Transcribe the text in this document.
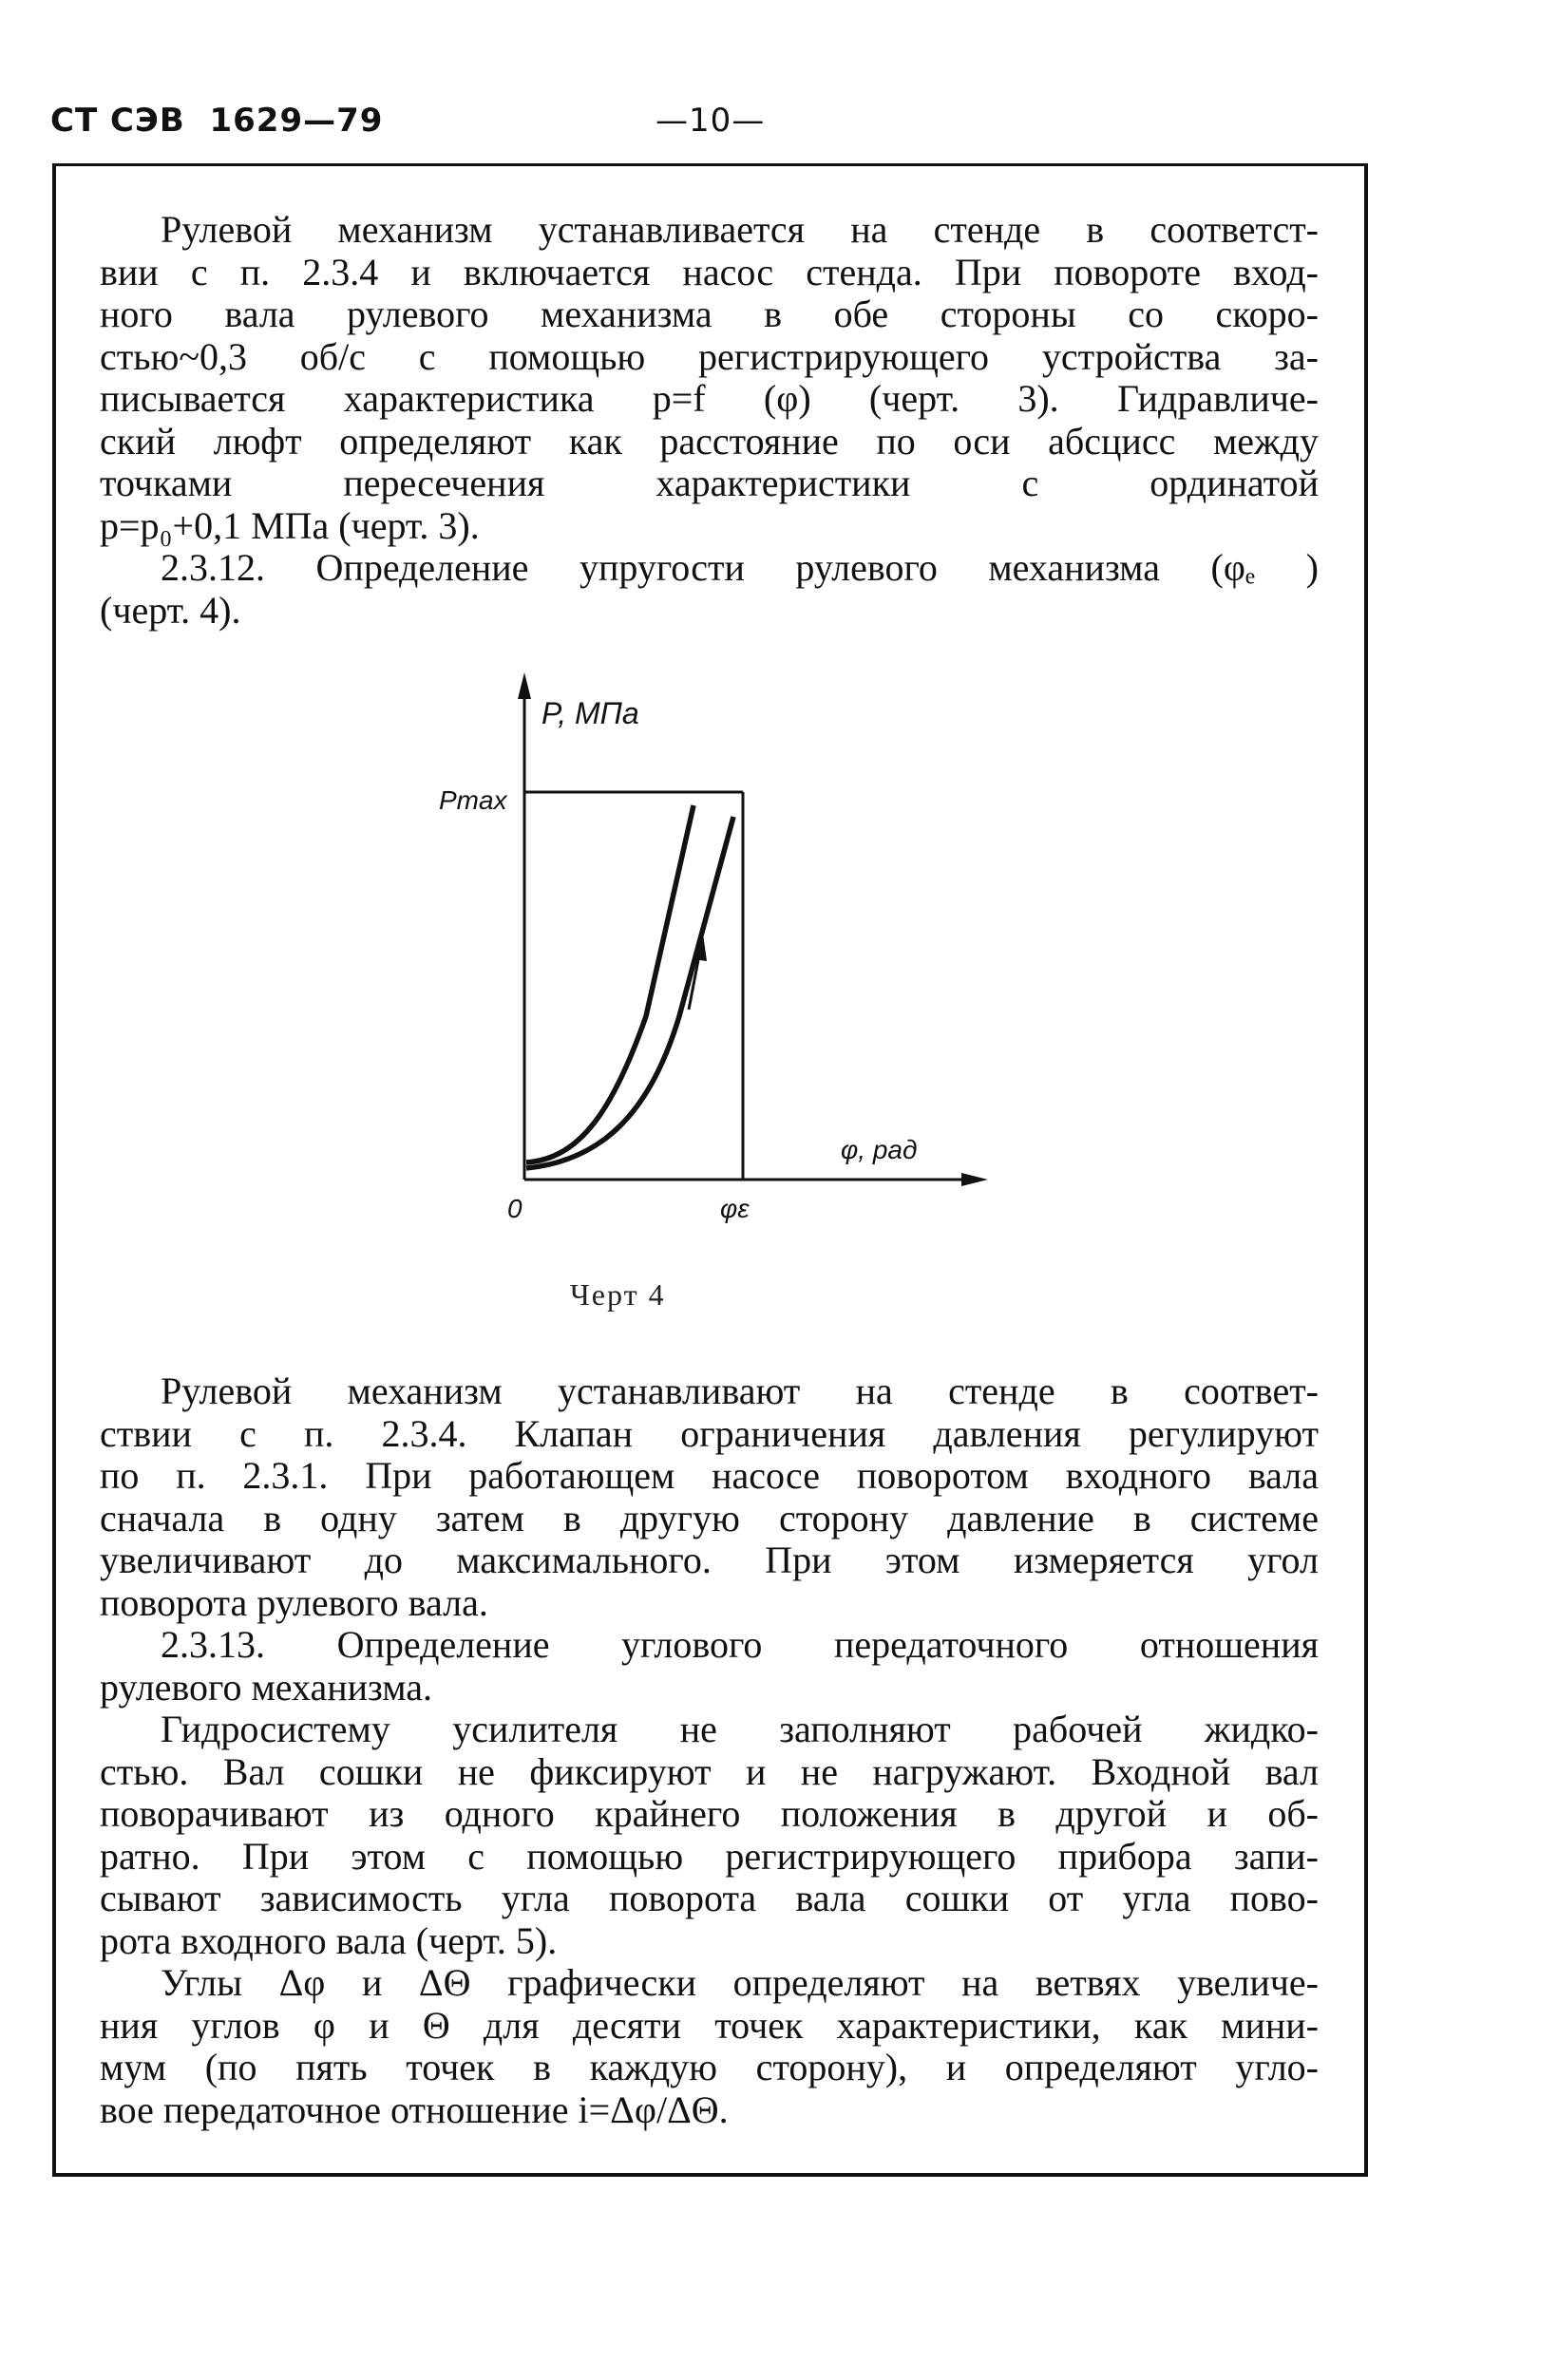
СТ СЭВ  1629—79	—10—

Рулевой механизм устанавливается на стенде в соответст-

вии с п. 2.3.4 и включается насос стенда. При повороте вход-

ного вала рулевого механизма в обе стороны со скоро-

стью~0,3 об/с с помощью регистрирующего устройства за-

писывается характеристика p=f (φ) (черт. 3). Гидравличе-

ский люфт определяют как расстояние по оси абсцисс между

точками пересечения характеристики с ординатой

p=p₀+0,1 МПа (черт. 3).

2.3.12. Определение упругости рулевого механизма (φₑ )

(черт. 4).

P, МПа
Pmax
φ, рад
0	φε
Черт 4

Рулевой механизм устанавливают на стенде в соответ-

ствии с п. 2.3.4. Клапан ограничения давления регулируют

по п. 2.3.1. При работающем насосе поворотом входного вала

сначала в одну затем в другую сторону давление в системе

увеличивают до максимального. При этом измеряется угол

поворота рулевого вала.

2.3.13. Определение углового передаточного отношения

рулевого механизма.

Гидросистему усилителя не заполняют рабочей жидко-

стью. Вал сошки не фиксируют и не нагружают. Входной вал

поворачивают из одного крайнего положения в другой и об-

ратно. При этом с помощью регистрирующего прибора запи-

сывают зависимость угла поворота вала сошки от угла пово-

рота входного вала (черт. 5).

Углы Δφ и ΔΘ графически определяют на ветвях увеличе-

ния углов φ и Θ для десяти точек характеристики, как мини-

мум (по пять точек в каждую сторону), и определяют угло-

вое передаточное отношение i=Δφ/ΔΘ.
